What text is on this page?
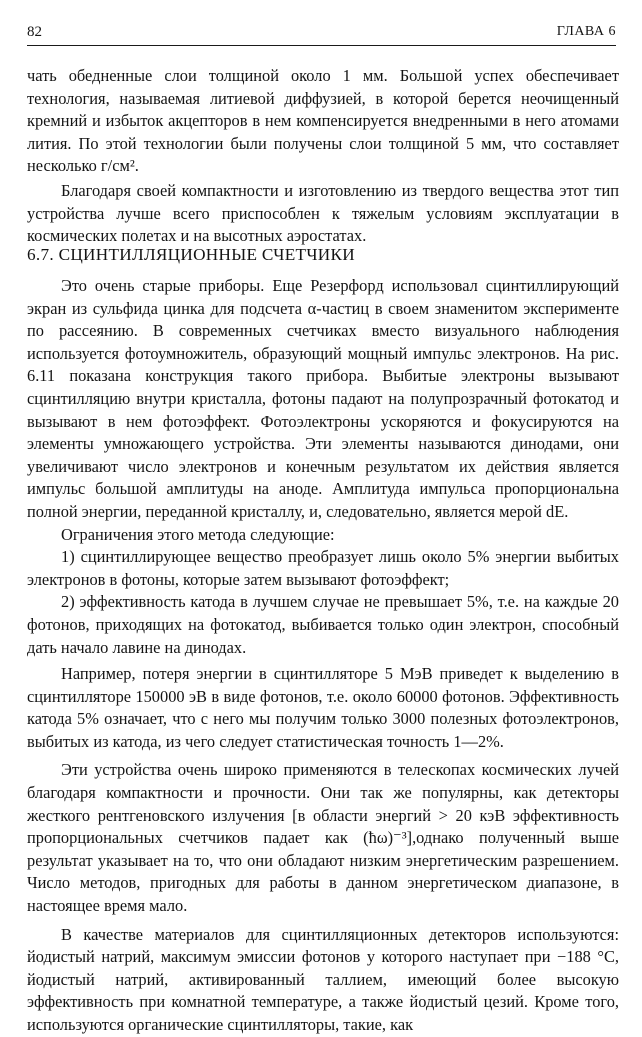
82	ГЛАВА 6

чать обедненные слои толщиной около 1 мм. Большой успех обеспечивает технология, называемая литиевой диффузией, в которой берется неочищенный кремний и избыток акцепторов в нем компенсируется внедренными в него атомами лития. По этой технологии были получены слои толщиной 5 мм, что составляет несколько г/см².

Благодаря своей компактности и изготовлению из твердого вещества этот тип устройства лучше всего приспособлен к тяжелым условиям эксплуатации в космических полетах и на высотных аэростатах.

6.7. СЦИНТИЛЛЯЦИОННЫЕ СЧЕТЧИКИ

Это очень старые приборы. Еще Резерфорд использовал сцинтиллирующий экран из сульфида цинка для подсчета α-частиц в своем знаменитом эксперименте по рассеянию. В современных счетчиках вместо визуального наблюдения используется фотоумножитель, образующий мощный импульс электронов. На рис. 6.11 показана конструкция такого прибора. Выбитые электроны вызывают сцинтилляцию внутри кристалла, фотоны падают на полупрозрачный фотокатод и вызывают в нем фотоэффект. Фотоэлектроны ускоряются и фокусируются на элементы умножающего устройства. Эти элементы называются динодами, они увеличивают число электронов и конечным результатом их действия является импульс большой амплитуды на аноде. Амплитуда импульса пропорциональна полной энергии, переданной кристаллу, и, следовательно, является мерой dE.

Ограничения этого метода следующие:

1) сцинтиллирующее вещество преобразует лишь около 5% энергии выбитых электронов в фотоны, которые затем вызывают фотоэффект;

2) эффективность катода в лучшем случае не превышает 5%, т.е. на каждые 20 фотонов, приходящих на фотокатод, выбивается только один электрон, способный дать начало лавине на динодах.

Например, потеря энергии в сцинтилляторе 5 МэВ приведет к выделению в сцинтилляторе 150000 эВ в виде фотонов, т.е. около 60000 фотонов. Эффективность катода 5% означает, что с него мы получим только 3000 полезных фотоэлектронов, выбитых из катода, из чего следует статистическая точность 1—2%.

Эти устройства очень широко применяются в телескопах космических лучей благодаря компактности и прочности. Они так же популярны, как детекторы жесткого рентгеновского излучения [в области энергий > 20 кэВ эффективность пропорциональных счетчиков падает как (ħω)⁻³],однако полученный выше результат указывает на то, что они обладают низким энергетическим разрешением. Число методов, пригодных для работы в данном энергетическом диапазоне, в настоящее время мало.

В качестве материалов для сцинтилляционных детекторов используются: йодистый натрий, максимум эмиссии фотонов у которого наступает при −188 °С, йодистый натрий, активированный таллием, имеющий более высокую эффективность при комнатной температуре, а также йодистый цезий. Кроме того, используются органические сцинтилляторы, такие, как
